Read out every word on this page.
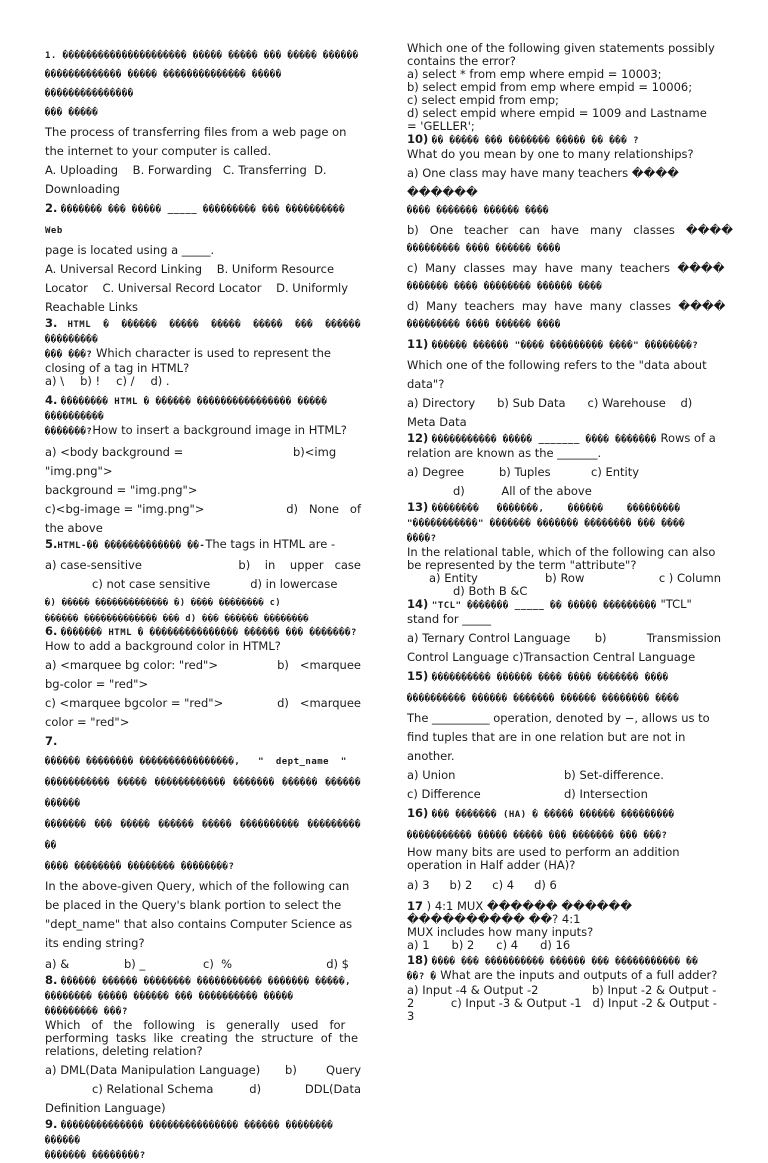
1. ��������������������� ����� ����� ��� ����� ������
������������� ����� �������������� ����� ���������������
��� �����
The process of transferring files from a web page on
the internet to your computer is called.
A. Uploading    B. Forwarding   C. Transferring  D.
Downloading
2. ������� ��� ����� _____ ��������� ��� ���������� Web
page is located using a _____.
A. Universal Record Linking    B. Uniform Resource
Locator    C. Universal Record Locator    D. Uniformly
Reachable Links
3. HTML � ������ ����� ����� ����� ��� ������ ���������
��� ���? Which character is used to represent the
closing of a tag in HTML?
a) \ b) ! c) / d) .
4. �������� HTML � ������ ���������������� ����� ����������
�������?How to insert a background image in HTML?
a) <body background = "img.png">
b)<img
background = "img.png">
c)<bg-image = "img.png">	d)   None   of
the above
5.HTML-�� ������������� ��-The tags in HTML are -
a) case-sensitive	b)    in    upper   case
c) not case sensitive	d) in lowercase
�) ����� ������������� �) ���� �������� c)
������ ������������� ��� d) ��� ������ ��������
6. ������� HTML � ��������������� ������ ��� �������?
How to add a background color in HTML?
a) <marquee bg color: "red">	b)   <marquee
bg-color = "red">
c) <marquee bgcolor = "red">	d)   <marquee
color = "red">
7. ������ �������� ����������������,   "  dept_name  "
����������� ����� ������������ ������� ������ ������ ������
������� ��� ����� ������ ����� ���������� ��������� ��
���� �������� �������� ��������?
In the above-given Query, which of the following can
be placed in the Query's blank portion to select the
"dept_name" that also contains Computer Science as
its ending string?
a) &	b) _	c)  %	d) $
8. ������ ������ �������� ����������� ������� �����,
�������� ����� ������ ��� ���������� �����
��������� ���?
Which   of   the   following   is   generally   used   for
performing  tasks  like  creating  the  structure  of  the
relations, deleting relation?
a) DML(Data Manipulation Language) b)        Query
c) Relational Schema	d)            DDL(Data
Definition Language)
9. �������������� ��������������� ������ �������� ������
������� ��������?
Which one of the following given statements possibly
contains the error?
a) select * from emp where empid = 10003;
b) select empid from emp where empid = 10006;
c) select empid from emp;
d) select empid where empid = 1009 and Lastname
= 'GELLER';
10) �� ����� ��� ������� ����� �� ��� ?
What do you mean by one to many relationships?
a) One class may have many teachers ���� ������
���� ������� ������ ����
b)   One   teacher   can   have   many   classes   ����
��������� ���� ������ ����
c)  Many  classes  may  have  many  teachers  ����
������� ���� �������� ������ ����
d)  Many  teachers  may  have  many  classes  ����
��������� ���� ������ ����
11) ������ ������ "���� ��������� ����" ��������?
Which one of the following refers to the "data about
data"?
a) Directory      b) Sub Data      c) Warehouse    d)
Meta Data
12) ����������� ����� _______ ���� ������� Rows of a
relation are known as the _______.
a) Degree	b) Tuples	c) Entity
d)          All of the above
13) ��������   �������,    ������    ���������
"�����������" ������� ������� �������� ��� ����
����?
In the relational table, which of the following can also
be represented by the term "attribute"?
a) Entity	b) Row	c ) Column
d) Both B &C
14) "TCL" ������� _____ �� ����� ��������� "TCL"
stand for _____
a) Ternary Control Language b)           Transmission
Control Language c)Transaction Central Language
15) ���������� ������ ���� ���� ������� ����
���������� ������ ������� ������ �������� ����
The __________ operation, denoted by −, allows us to
find tuples that are in one relation but are not in
another.
a) Union	b) Set-difference.
c) Difference	d) Intersection
16) ��� ������� (HA) � ����� ������ ���������
����������� ����� ����� ��� ������� ��� ���?
How many bits are used to perform an addition
operation in Half adder (HA)?
a) 3 b) 2 c) 4 d) 6
17 ) 4:1 MUX ������ ������ ���������� ��? 4:1
MUX includes how many inputs?
a) 1 b) 2 c) 4 d) 16
18) ���� ��� ���������� ������ ��� ����������� ��
��? � What are the inputs and outputs of a full adder?
a) Input -4 & Output -2	b) Input -2 & Output -
2          c) Input -3 & Output -1   d) Input -2 & Output -
3
